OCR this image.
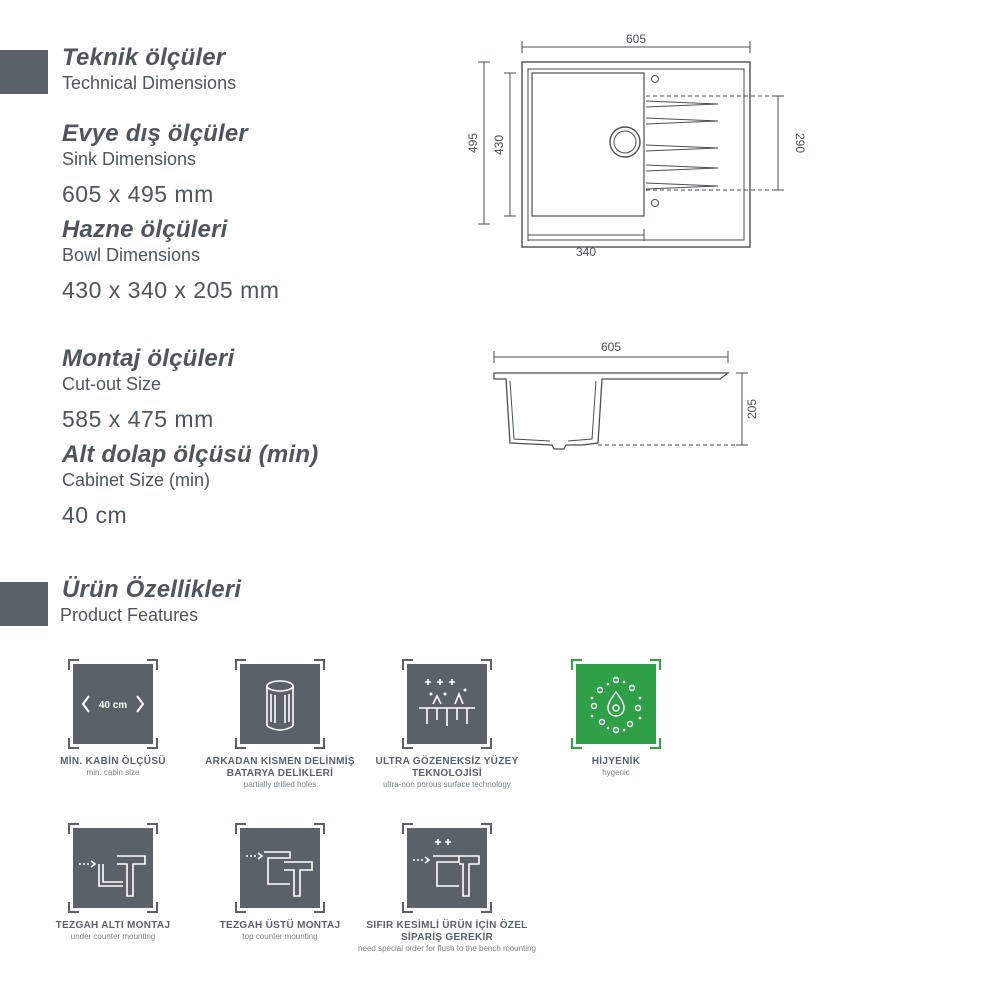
Teknik ölçüler
Technical Dimensions
Evye dış ölçüler
Sink Dimensions
605 x 495 mm
Hazne ölçüleri
Bowl Dimensions
430 x 340 x 205 mm
Montaj ölçüleri
Cut-out Size
585 x 475 mm
Alt dolap ölçüsü (min)
Cabinet Size (min)
40 cm
605
495 430	290
340
605
205
Ürün Özellikleri
Product Features
40 cm
MİN. KABİN ÖLÇÜSÜ
min. cabin size
ARKADAN KISMEN DELİNMİŞ BATARYA DELİKLERİ
partially drilled holes
ULTRA GÖZENEKSİZ YÜZEY TEKNOLOJİSİ
ultra-non porous surface technology
HİJYENİK
hygenic
TEZGAH ALTI MONTAJ
under counter mounting
TEZGAH ÜSTÜ MONTAJ
top counter mounting
SIFIR KESİMLİ ÜRÜN İÇİN ÖZEL SİPARİŞ GEREKİR
need special order for flush to the bench mounting
